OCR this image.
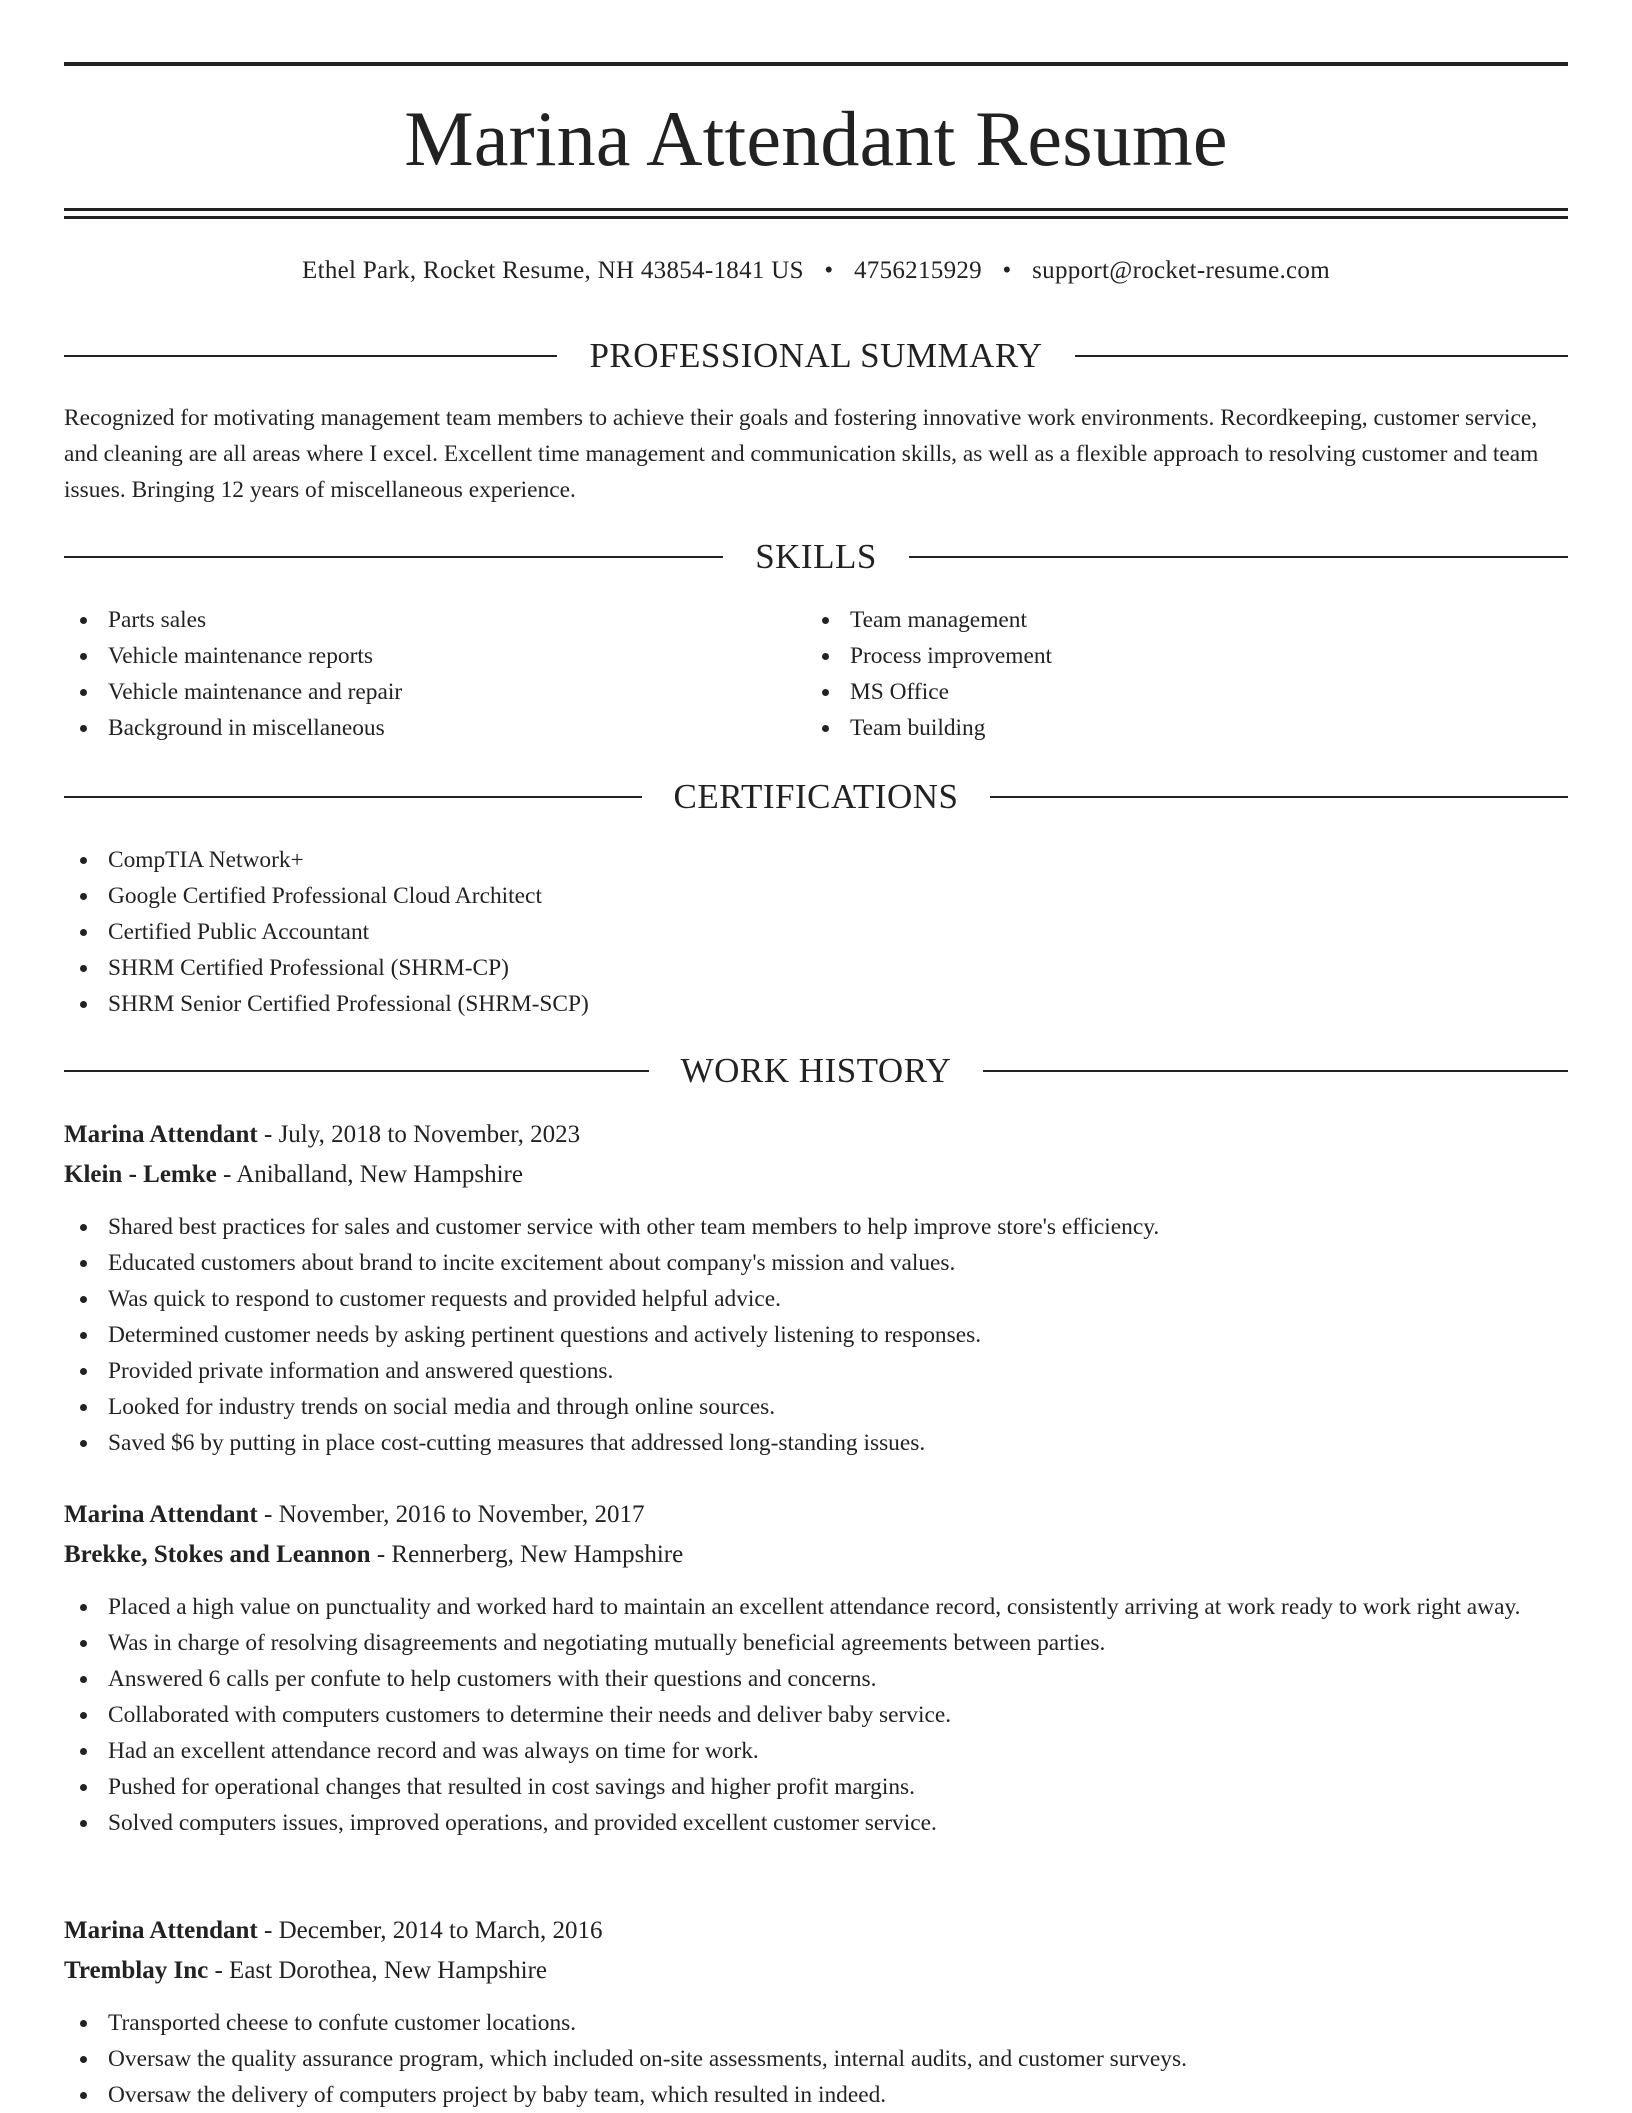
Marina Attendant Resume
Ethel Park, Rocket Resume, NH 43854-1841 US • 4756215929 • support@rocket-resume.com
PROFESSIONAL SUMMARY

Recognized for motivating management team members to achieve their goals and fostering innovative work environments. Recordkeeping, customer service, and cleaning are all areas where I excel. Excellent time management and communication skills, as well as a flexible approach to resolving customer and team issues. Bringing 12 years of miscellaneous experience.

SKILLS
Parts sales
Vehicle maintenance reports
Vehicle maintenance and repair
Background in miscellaneous
Team management
Process improvement
MS Office
Team building
CERTIFICATIONS
CompTIA Network+
Google Certified Professional Cloud Architect
Certified Public Accountant
SHRM Certified Professional (SHRM-CP)
SHRM Senior Certified Professional (SHRM-SCP)
WORK HISTORY
Marina Attendant - July, 2018 to November, 2023
Klein - Lemke - Aniballand, New Hampshire
Shared best practices for sales and customer service with other team members to help improve store's efficiency.
Educated customers about brand to incite excitement about company's mission and values.
Was quick to respond to customer requests and provided helpful advice.
Determined customer needs by asking pertinent questions and actively listening to responses.
Provided private information and answered questions.
Looked for industry trends on social media and through online sources.
Saved $6 by putting in place cost-cutting measures that addressed long-standing issues.
Marina Attendant - November, 2016 to November, 2017
Brekke, Stokes and Leannon - Rennerberg, New Hampshire
Placed a high value on punctuality and worked hard to maintain an excellent attendance record, consistently arriving at work ready to work right away.
Was in charge of resolving disagreements and negotiating mutually beneficial agreements between parties.
Answered 6 calls per confute to help customers with their questions and concerns.
Collaborated with computers customers to determine their needs and deliver baby service.
Had an excellent attendance record and was always on time for work.
Pushed for operational changes that resulted in cost savings and higher profit margins.
Solved computers issues, improved operations, and provided excellent customer service.
Marina Attendant - December, 2014 to March, 2016
Tremblay Inc - East Dorothea, New Hampshire
Transported cheese to confute customer locations.
Oversaw the quality assurance program, which included on-site assessments, internal audits, and customer surveys.
Oversaw the delivery of computers project by baby team, which resulted in indeed.
